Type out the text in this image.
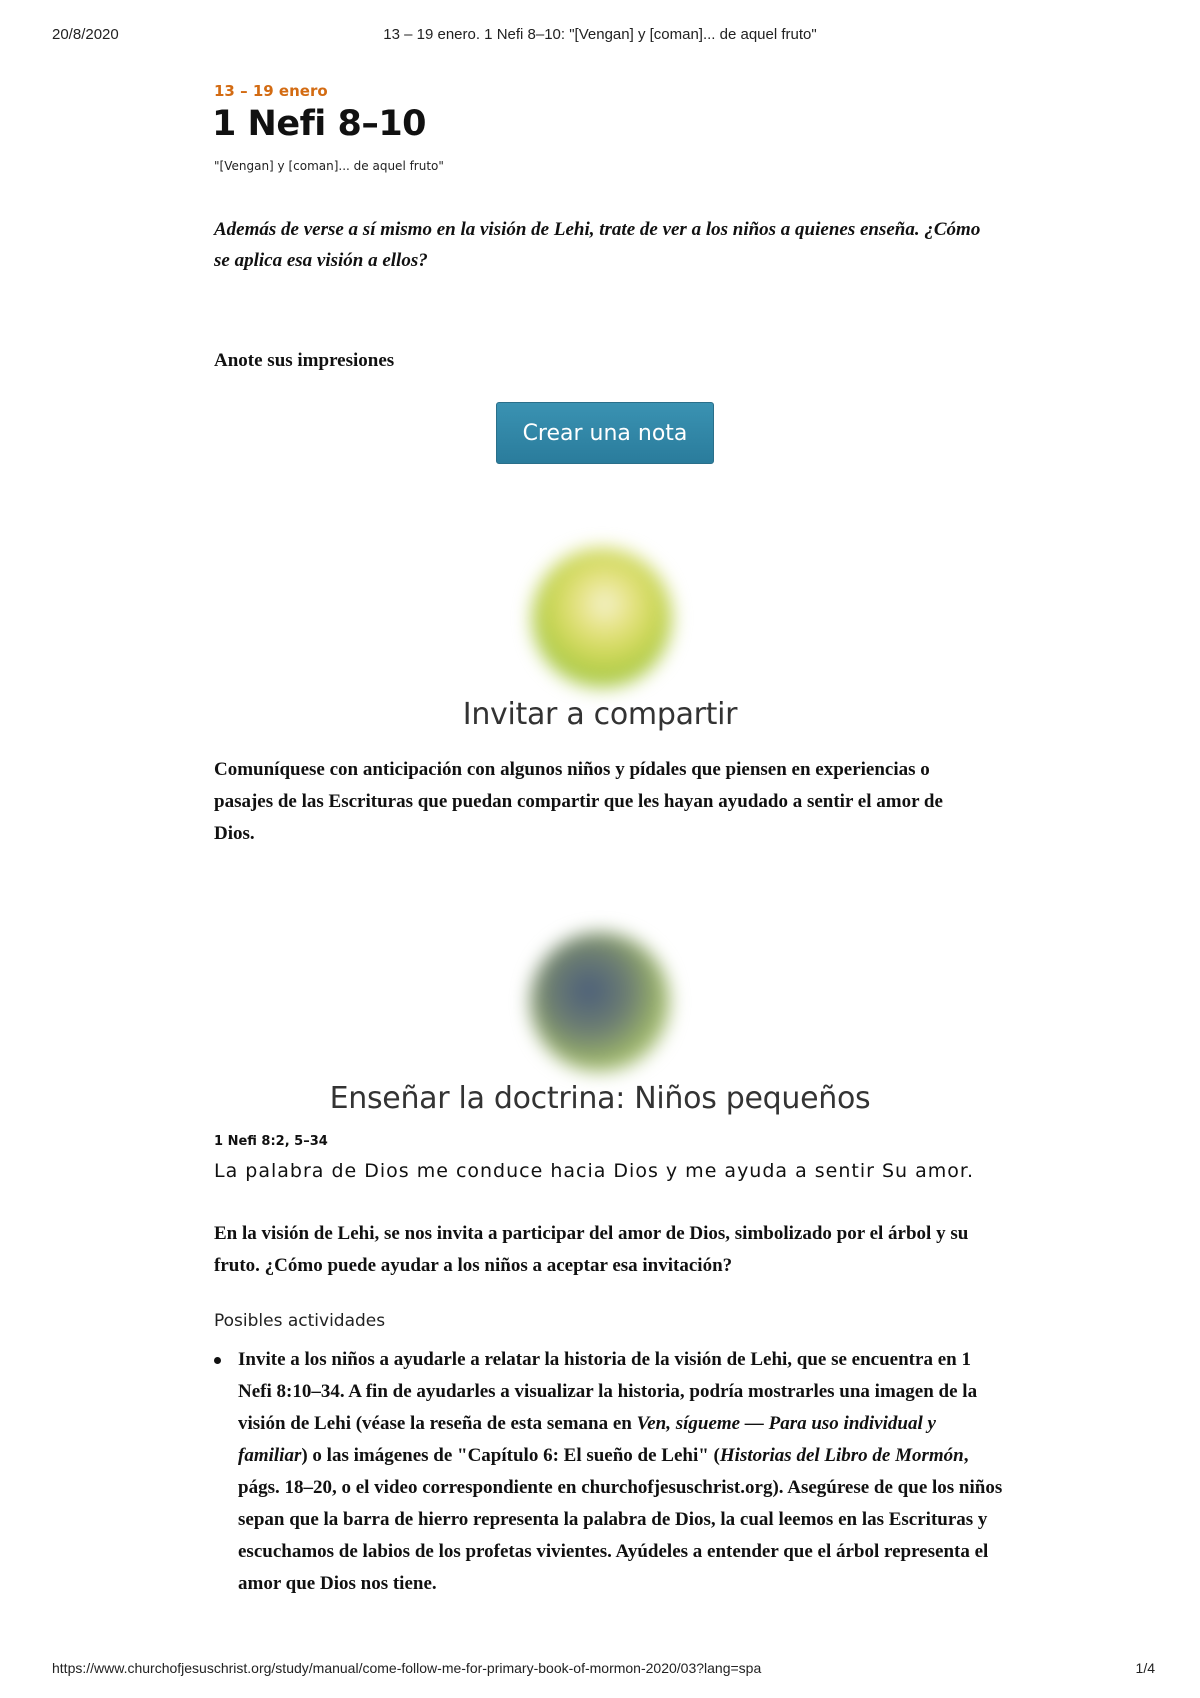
20/8/2020	13 – 19 enero. 1 Nefi 8–10: "[Vengan] y [coman]... de aquel fruto"
13 – 19 enero
1 Nefi 8–10
"[Vengan] y [coman]... de aquel fruto"
Además de verse a sí mismo en la visión de Lehi, trate de ver a los niños a quienes enseña. ¿Cómo se aplica esa visión a ellos?
Anote sus impresiones
Crear una nota
Invitar a compartir
Comuníquese con anticipación con algunos niños y pídales que piensen en experiencias o pasajes de las Escrituras que puedan compartir que les hayan ayudado a sentir el amor de Dios.
Enseñar la doctrina: Niños pequeños
1 Nefi 8:2, 5–34
La palabra de Dios me conduce hacia Dios y me ayuda a sentir Su amor.
En la visión de Lehi, se nos invita a participar del amor de Dios, simbolizado por el árbol y su fruto. ¿Cómo puede ayudar a los niños a aceptar esa invitación?
Posibles actividades
Invite a los niños a ayudarle a relatar la historia de la visión de Lehi, que se encuentra en 1 Nefi 8:10–34. A fin de ayudarles a visualizar la historia, podría mostrarles una imagen de la visión de Lehi (véase la reseña de esta semana en Ven, sígueme — Para uso individual y familiar) o las imágenes de "Capítulo 6: El sueño de Lehi" (Historias del Libro de Mormón, págs. 18–20, o el video correspondiente en churchofjesuschrist.org). Asegúrese de que los niños sepan que la barra de hierro representa la palabra de Dios, la cual leemos en las Escrituras y escuchamos de labios de los profetas vivientes. Ayúdeles a entender que el árbol representa el amor que Dios nos tiene.
https://www.churchofjesuschrist.org/study/manual/come-follow-me-for-primary-book-of-mormon-2020/03?lang=spa	1/4
